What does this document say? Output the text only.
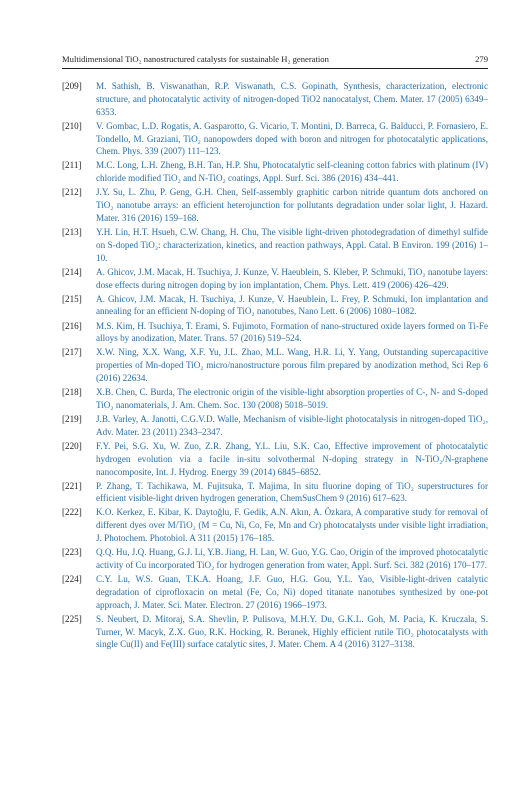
Multidimensional TiO₂ nanostructured catalysts for sustainable H₂ generation	279
[209]	M. Sathish, B. Viswanathan, R.P. Viswanath, C.S. Gopinath, Synthesis, characterization, electronic structure, and photocatalytic activity of nitrogen-doped TiO2 nanocatalyst, Chem. Mater. 17 (2005) 6349–6353.
[210]	V. Gombac, L.D. Rogatis, A. Gasparotto, G. Vicario, T. Montini, D. Barreca, G. Balducci, P. Fornasiero, E. Tondello, M. Graziani, TiO₂ nanopowders doped with boron and nitrogen for photocatalytic applications, Chem. Phys. 339 (2007) 111–123.
[211]	M.C. Long, L.H. Zheng, B.H. Tan, H.P. Shu, Photocatalytic self-cleaning cotton fabrics with platinum (IV) chloride modified TiO₂ and N-TiO₂ coatings, Appl. Surf. Sci. 386 (2016) 434–441.
[212]	J.Y. Su, L. Zhu, P. Geng, G.H. Chen, Self-assembly graphitic carbon nitride quantum dots anchored on TiO₂ nanotube arrays: an efficient heterojunction for pollutants degradation under solar light, J. Hazard. Mater. 316 (2016) 159–168.
[213]	Y.H. Lin, H.T. Hsueh, C.W. Chang, H. Chu, The visible light-driven photodegradation of dimethyl sulfide on S-doped TiO₂: characterization, kinetics, and reaction pathways, Appl. Catal. B Environ. 199 (2016) 1–10.
[214]	A. Ghicov, J.M. Macak, H. Tsuchiya, J. Kunze, V. Haeublein, S. Kleber, P. Schmuki, TiO₂ nanotube layers: dose effects during nitrogen doping by ion implantation, Chem. Phys. Lett. 419 (2006) 426–429.
[215]	A. Ghicov, J.M. Macak, H. Tsuchiya, J. Kunze, V. Haeublein, L. Frey, P. Schmuki, Ion implantation and annealing for an efficient N-doping of TiO₂ nanotubes, Nano Lett. 6 (2006) 1080–1082.
[216]	M.S. Kim, H. Tsuchiya, T. Erami, S. Fujimoto, Formation of nano-structured oxide layers formed on Ti-Fe alloys by anodization, Mater. Trans. 57 (2016) 519–524.
[217]	X.W. Ning, X.X. Wang, X.F. Yu, J.L. Zhao, M.L. Wang, H.R. Li, Y. Yang, Outstanding supercapacitive properties of Mn-doped TiO₂ micro/nanostructure porous film prepared by anodization method, Sci Rep 6 (2016) 22634.
[218]	X.B. Chen, C. Burda, The electronic origin of the visible-light absorption properties of C-, N- and S-doped TiO₂ nanomaterials, J. Am. Chem. Soc. 130 (2008) 5018–5019.
[219]	J.B. Varley, A. Janotti, C.G.V.D. Walle, Mechanism of visible-light photocatalysis in nitrogen-doped TiO₂, Adv. Mater. 23 (2011) 2343–2347.
[220]	F.Y. Pei, S.G. Xu, W. Zuo, Z.R. Zhang, Y.L. Liu, S.K. Cao, Effective improvement of photocatalytic hydrogen evolution via a facile in-situ solvothermal N-doping strategy in N-TiO₂/N-graphene nanocomposite, Int. J. Hydrog. Energy 39 (2014) 6845–6852.
[221]	P. Zhang, T. Tachikawa, M. Fujitsuka, T. Majima, In situ fluorine doping of TiO₂ superstructures for efficient visible-light driven hydrogen generation, ChemSusChem 9 (2016) 617–623.
[222]	K.O. Kerkez, E. Kibar, K. Daytoğlu, F. Gedik, A.N. Akın, A. Özkara, A comparative study for removal of different dyes over M/TiO₂ (M = Cu, Ni, Co, Fe, Mn and Cr) photocatalysts under visible light irradiation, J. Photochem. Photobiol. A 311 (2015) 176–185.
[223]	Q.Q. Hu, J.Q. Huang, G.J. Li, Y.B. Jiang, H. Lan, W. Guo, Y.G. Cao, Origin of the improved photocatalytic activity of Cu incorporated TiO₂ for hydrogen generation from water, Appl. Surf. Sci. 382 (2016) 170–177.
[224]	C.Y. Lu, W.S. Guan, T.K.A. Hoang, J.F. Guo, H.G. Gou, Y.L. Yao, Visible-light-driven catalytic degradation of ciprofloxacin on metal (Fe, Co, Ni) doped titanate nanotubes synthesized by one-pot approach, J. Mater. Sci. Mater. Electron. 27 (2016) 1966–1973.
[225]	S. Neubert, D. Mitoraj, S.A. Shevlin, P. Pulisova, M.H.Y. Du, G.K.L. Goh, M. Pacia, K. Kruczala, S. Turner, W. Macyk, Z.X. Guo, R.K. Hocking, R. Beranek, Highly efficient rutile TiO₂ photocatalysts with single Cu(II) and Fe(III) surface catalytic sites, J. Mater. Chem. A 4 (2016) 3127–3138.
